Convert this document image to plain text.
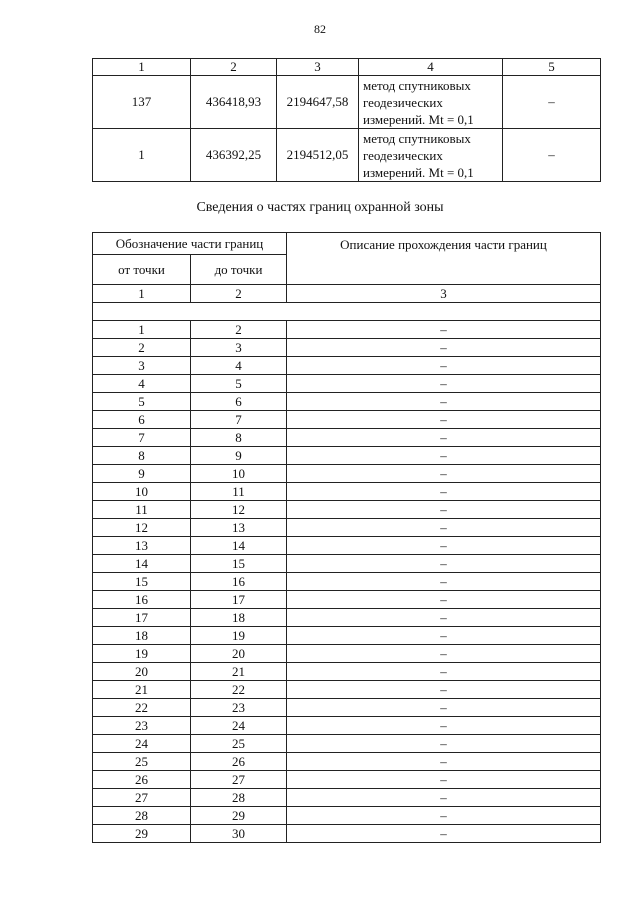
82
1	2	3	4	5
137	436418,93	2194647,58	метод спутниковых
геодезических
измерений. Mt = 0,1	–
1	436392,25	2194512,05	метод спутниковых
геодезических
измерений. Mt = 0,1	–
Сведения о частях границ охранной зоны
Обозначение части границ		Описание прохождения части границ
от точки	до точки	
1	2	3

1	2	–
2	3	–
3	4	–
4	5	–
5	6	–
6	7	–
7	8	–
8	9	–
9	10	–
10	11	–
11	12	–
12	13	–
13	14	–
14	15	–
15	16	–
16	17	–
17	18	–
18	19	–
19	20	–
20	21	–
21	22	–
22	23	–
23	24	–
24	25	–
25	26	–
26	27	–
27	28	–
28	29	–
29	30	–
